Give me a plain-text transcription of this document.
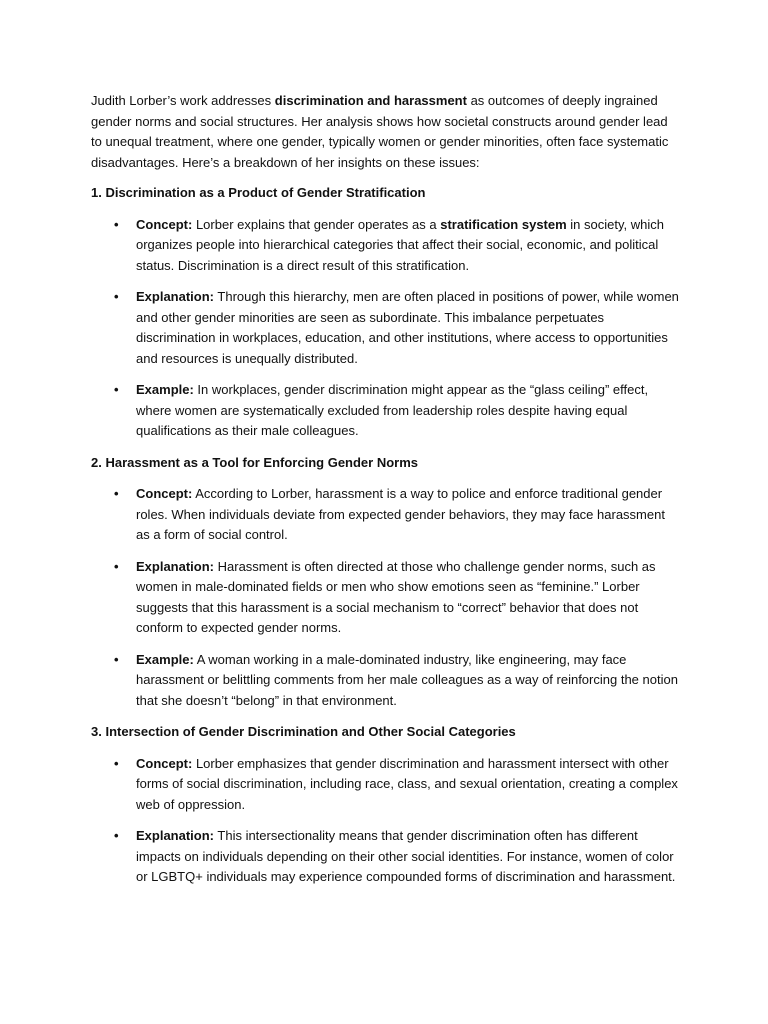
Judith Lorber’s work addresses discrimination and harassment as outcomes of deeply ingrained gender norms and social structures. Her analysis shows how societal constructs around gender lead to unequal treatment, where one gender, typically women or gender minorities, often face systematic disadvantages. Here’s a breakdown of her insights on these issues:

1. Discrimination as a Product of Gender Stratification

• Concept: Lorber explains that gender operates as a stratification system in society, which organizes people into hierarchical categories that affect their social, economic, and political status. Discrimination is a direct result of this stratification.
• Explanation: Through this hierarchy, men are often placed in positions of power, while women and other gender minorities are seen as subordinate. This imbalance perpetuates discrimination in workplaces, education, and other institutions, where access to opportunities and resources is unequally distributed.
• Example: In workplaces, gender discrimination might appear as the “glass ceiling” effect, where women are systematically excluded from leadership roles despite having equal qualifications as their male colleagues.

2. Harassment as a Tool for Enforcing Gender Norms

• Concept: According to Lorber, harassment is a way to police and enforce traditional gender roles. When individuals deviate from expected gender behaviors, they may face harassment as a form of social control.
• Explanation: Harassment is often directed at those who challenge gender norms, such as women in male-dominated fields or men who show emotions seen as “feminine.” Lorber suggests that this harassment is a social mechanism to “correct” behavior that does not conform to expected gender norms.
• Example: A woman working in a male-dominated industry, like engineering, may face harassment or belittling comments from her male colleagues as a way of reinforcing the notion that she doesn’t “belong” in that environment.

3. Intersection of Gender Discrimination and Other Social Categories

• Concept: Lorber emphasizes that gender discrimination and harassment intersect with other forms of social discrimination, including race, class, and sexual orientation, creating a complex web of oppression.
• Explanation: This intersectionality means that gender discrimination often has different impacts on individuals depending on their other social identities. For instance, women of color or LGBTQ+ individuals may experience compounded forms of discrimination and harassment.
